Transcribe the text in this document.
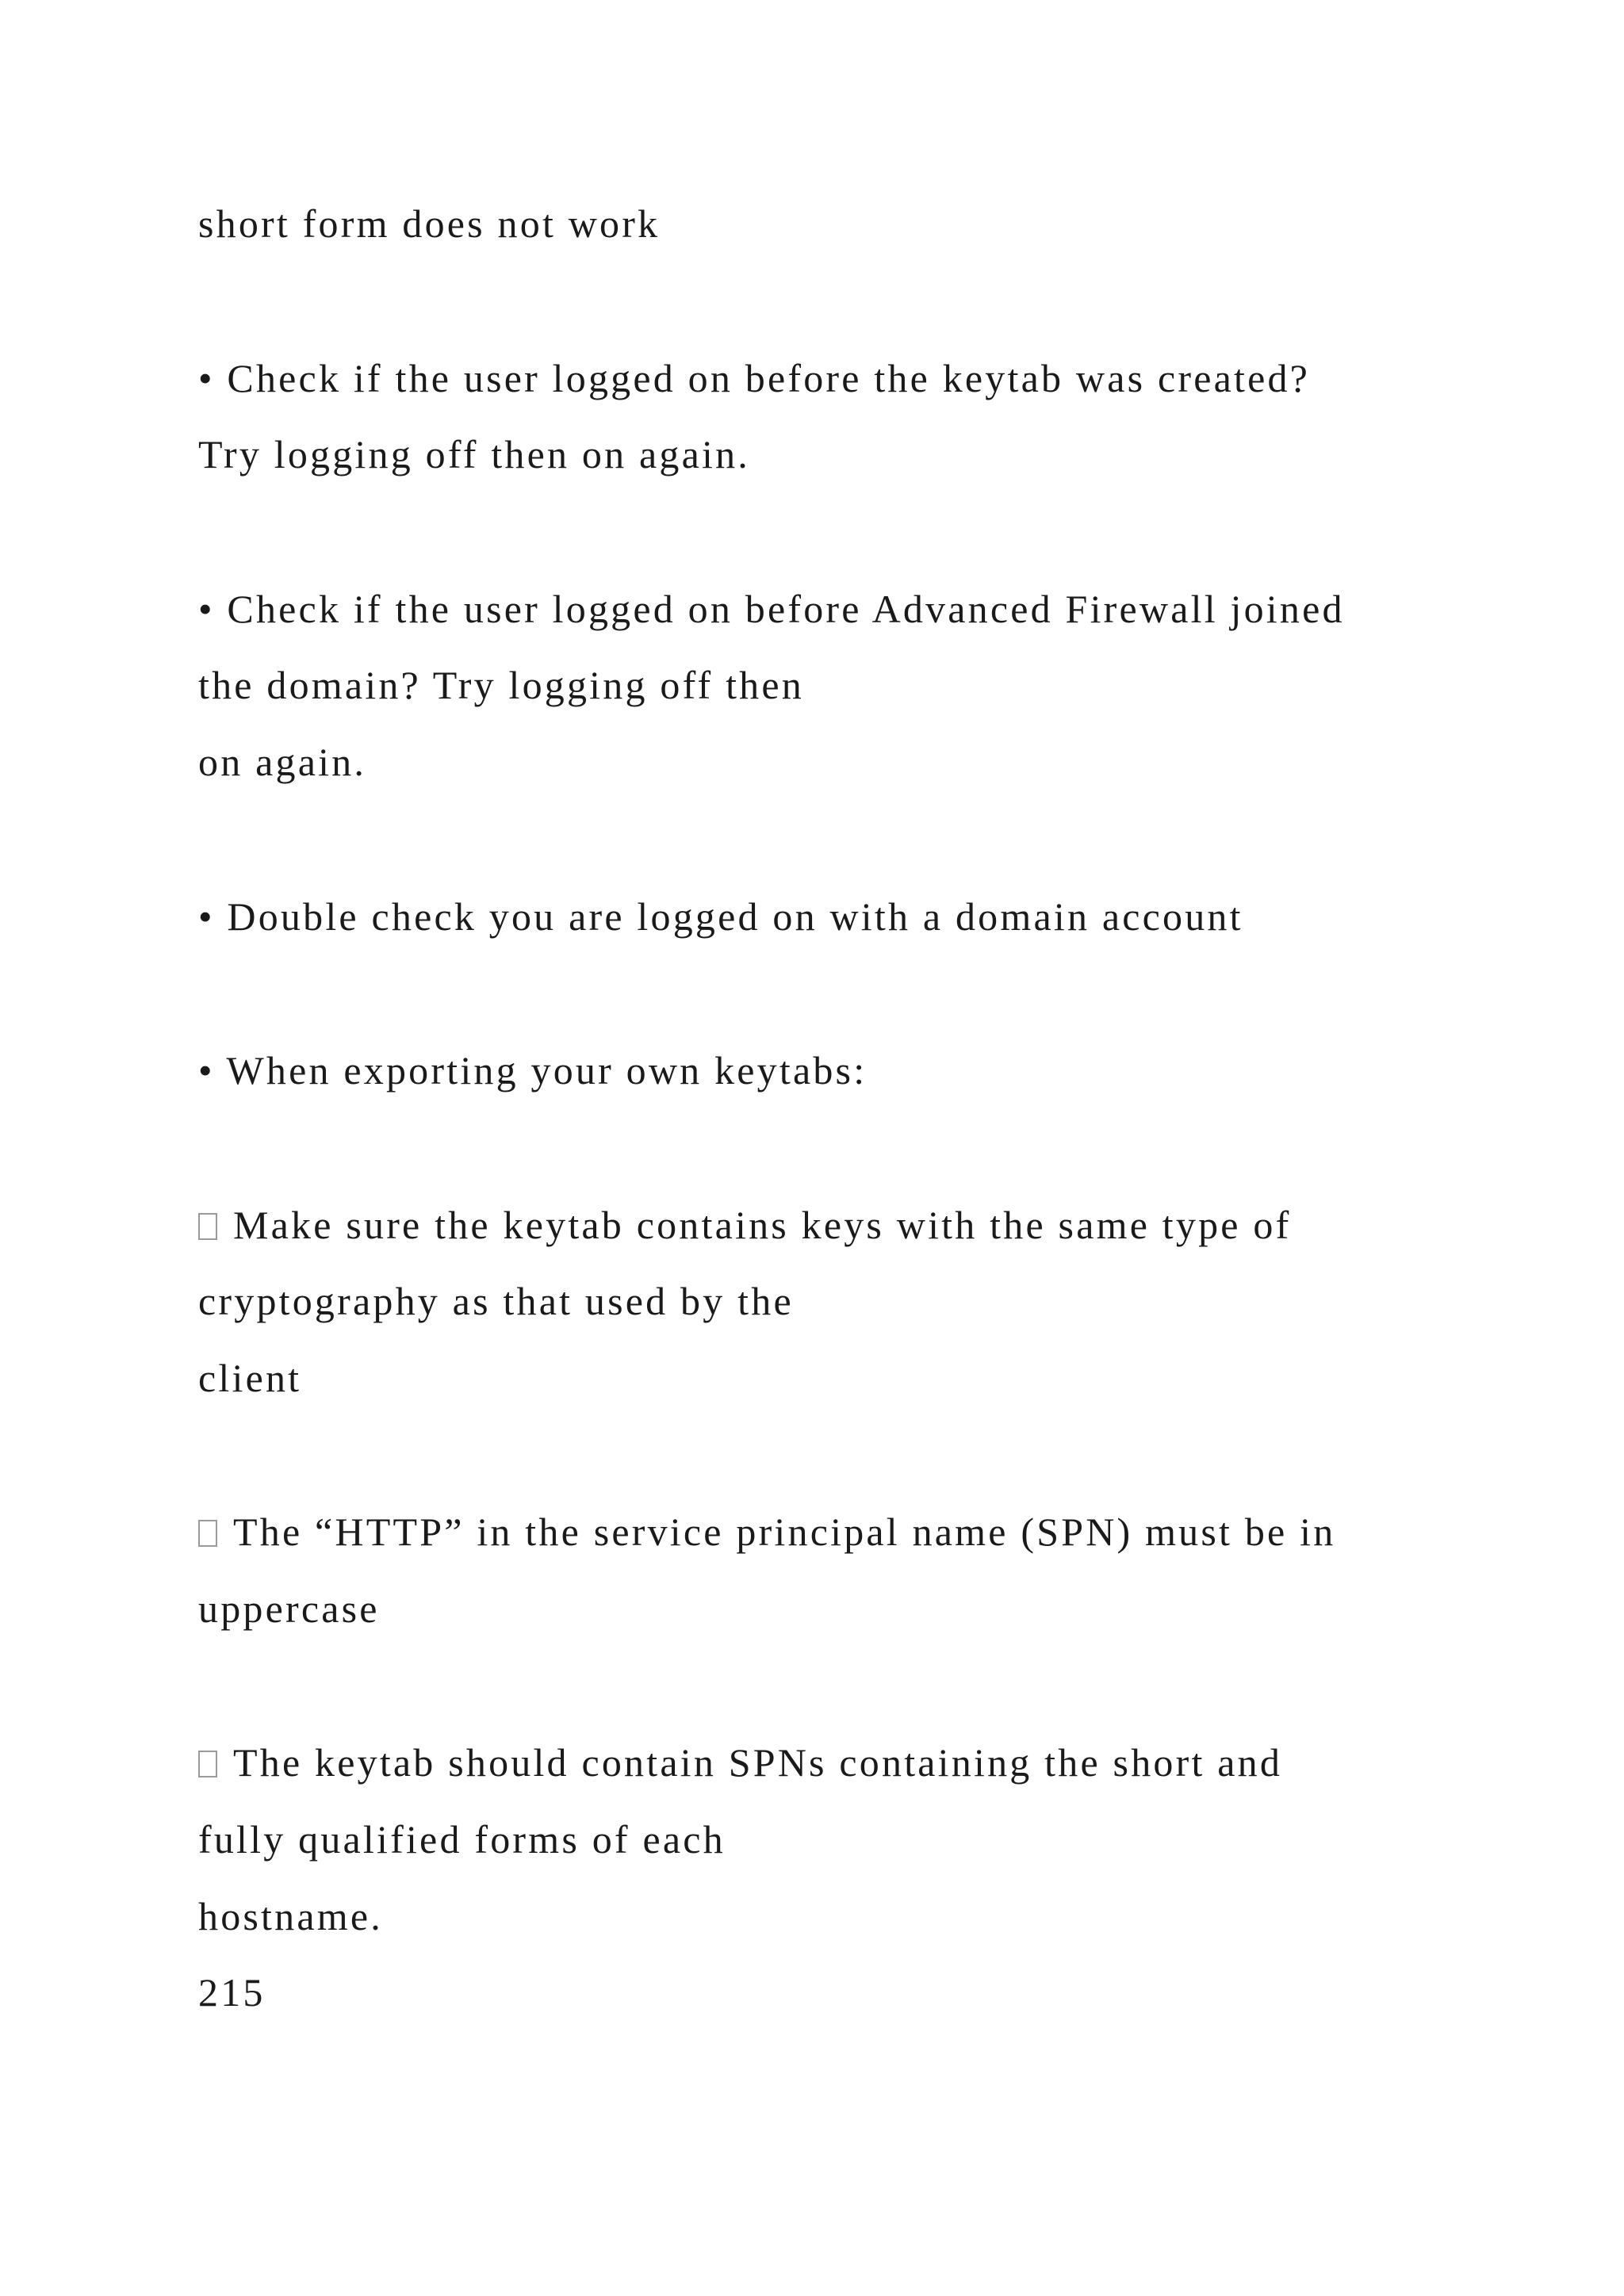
short form does not work
• Check if the user logged on before the keytab was created?
Try logging off then on again.
• Check if the user logged on before Advanced Firewall joined
the domain? Try logging off then
on again.
• Double check you are logged on with a domain account
• When exporting your own keytabs:
Make sure the keytab contains keys with the same type of
cryptography as that used by the
client
The “HTTP” in the service principal name (SPN) must be in
uppercase
The keytab should contain SPNs containing the short and
fully qualified forms of each
hostname.
215
